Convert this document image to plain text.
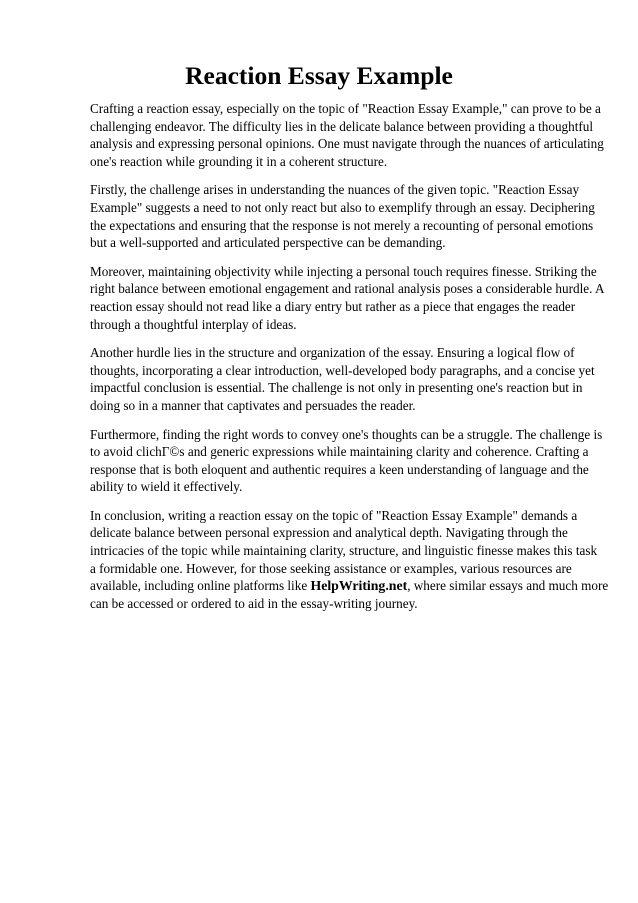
Reaction Essay Example

Crafting a reaction essay, especially on the topic of "Reaction Essay Example," can prove to be a
challenging endeavor. The difficulty lies in the delicate balance between providing a thoughtful
analysis and expressing personal opinions. One must navigate through the nuances of articulating
one's reaction while grounding it in a coherent structure.

Firstly, the challenge arises in understanding the nuances of the given topic. "Reaction Essay
Example" suggests a need to not only react but also to exemplify through an essay. Deciphering
the expectations and ensuring that the response is not merely a recounting of personal emotions
but a well-supported and articulated perspective can be demanding.

Moreover, maintaining objectivity while injecting a personal touch requires finesse. Striking the
right balance between emotional engagement and rational analysis poses a considerable hurdle. A
reaction essay should not read like a diary entry but rather as a piece that engages the reader
through a thoughtful interplay of ideas.

Another hurdle lies in the structure and organization of the essay. Ensuring a logical flow of
thoughts, incorporating a clear introduction, well-developed body paragraphs, and a concise yet
impactful conclusion is essential. The challenge is not only in presenting one's reaction but in
doing so in a manner that captivates and persuades the reader.

Furthermore, finding the right words to convey one's thoughts can be a struggle. The challenge is
to avoid clichГ©s and generic expressions while maintaining clarity and coherence. Crafting a
response that is both eloquent and authentic requires a keen understanding of language and the
ability to wield it effectively.

In conclusion, writing a reaction essay on the topic of "Reaction Essay Example" demands a
delicate balance between personal expression and analytical depth. Navigating through the
intricacies of the topic while maintaining clarity, structure, and linguistic finesse makes this task
a formidable one. However, for those seeking assistance or examples, various resources are
available, including online platforms like HelpWriting.net, where similar essays and much more
can be accessed or ordered to aid in the essay-writing journey.
